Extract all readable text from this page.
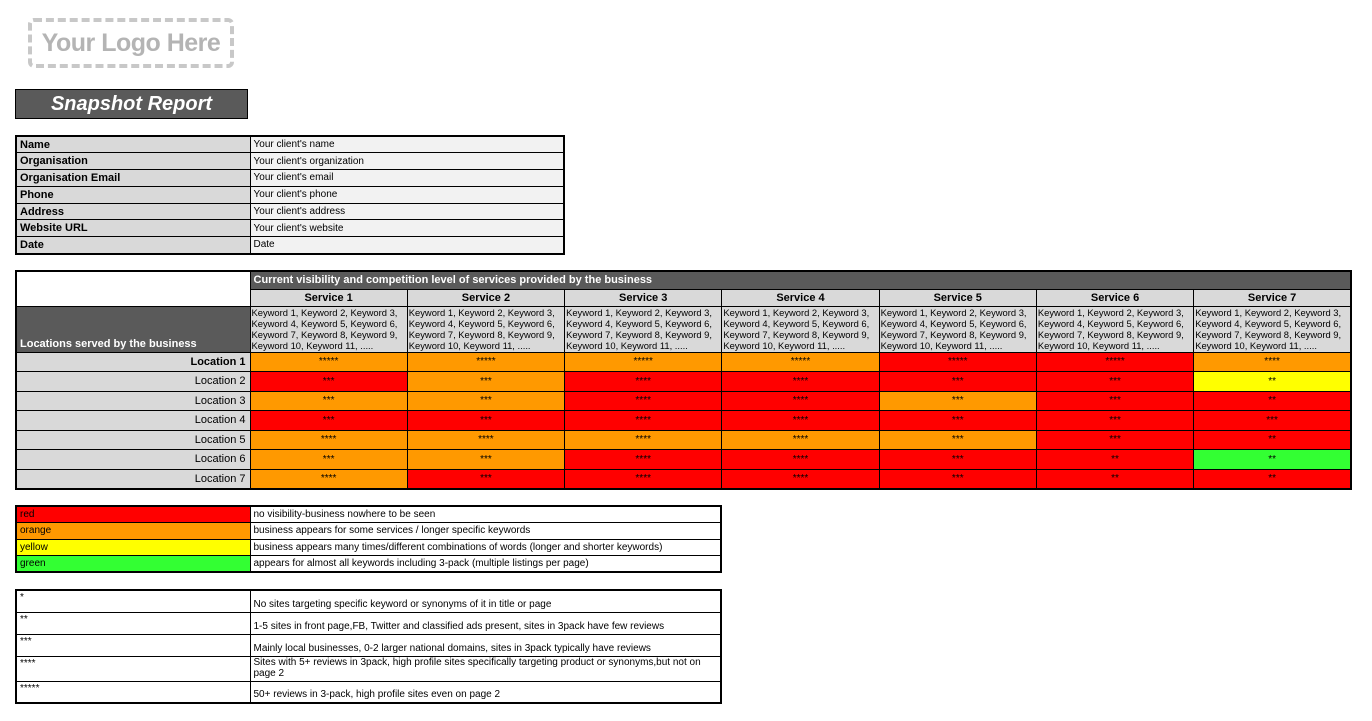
Your Logo Here
Snapshot Report
Name	Your client's name
Organisation	Your client's organization
Organisation Email	Your client's email
Phone	Your client's phone
Address	Your client's address
Website URL	Your client's website
Date	Date
	Current visibility and competition level of services provided by the business						
	Service 1	Service 2	Service 3	Service 4	Service 5	Service 6	Service 7
Locations served by the business	Keyword 1, Keyword 2, Keyword 3, Keyword 4, Keyword 5, Keyword 6, Keyword 7, Keyword 8, Keyword 9, Keyword 10, Keyword 11, .....	Keyword 1, Keyword 2, Keyword 3, Keyword 4, Keyword 5, Keyword 6, Keyword 7, Keyword 8, Keyword 9, Keyword 10, Keyword 11, .....	Keyword 1, Keyword 2, Keyword 3, Keyword 4, Keyword 5, Keyword 6, Keyword 7, Keyword 8, Keyword 9, Keyword 10, Keyword 11, .....	Keyword 1, Keyword 2, Keyword 3, Keyword 4, Keyword 5, Keyword 6, Keyword 7, Keyword 8, Keyword 9, Keyword 10, Keyword 11, .....	Keyword 1, Keyword 2, Keyword 3, Keyword 4, Keyword 5, Keyword 6, Keyword 7, Keyword 8, Keyword 9, Keyword 10, Keyword 11, .....	Keyword 1, Keyword 2, Keyword 3, Keyword 4, Keyword 5, Keyword 6, Keyword 7, Keyword 8, Keyword 9, Keyword 10, Keyword 11, .....	Keyword 1, Keyword 2, Keyword 3, Keyword 4, Keyword 5, Keyword 6, Keyword 7, Keyword 8, Keyword 9, Keyword 10, Keyword 11, .....
Location 1	*****	*****	*****	*****	*****	*****	****
Location 2	***	***	****	****	***	***	**
Location 3	***	***	****	****	***	***	**
Location 4	***	***	****	****	***	***	***
Location 5	****	****	****	****	***	***	**
Location 6	***	***	****	****	***	**	**
Location 7	****	***	****	****	***	**	**
red	no visibility-business nowhere to be seen
orange	business appears for some services / longer specific keywords
yellow	business appears many times/different combinations of words (longer and shorter keywords)
green	appears for almost all keywords including 3-pack (multiple listings per page)
*	No sites targeting specific keyword or synonyms of it in title or page
**	1-5 sites in front page,FB, Twitter and classified ads present, sites in 3pack have few reviews
***	Mainly local businesses, 0-2 larger national domains, sites in 3pack typically have reviews
****	Sites with 5+ reviews in 3pack, high profile sites specifically targeting product or synonyms,but not on page 2
*****	50+ reviews in 3-pack, high profile sites even on page 2
